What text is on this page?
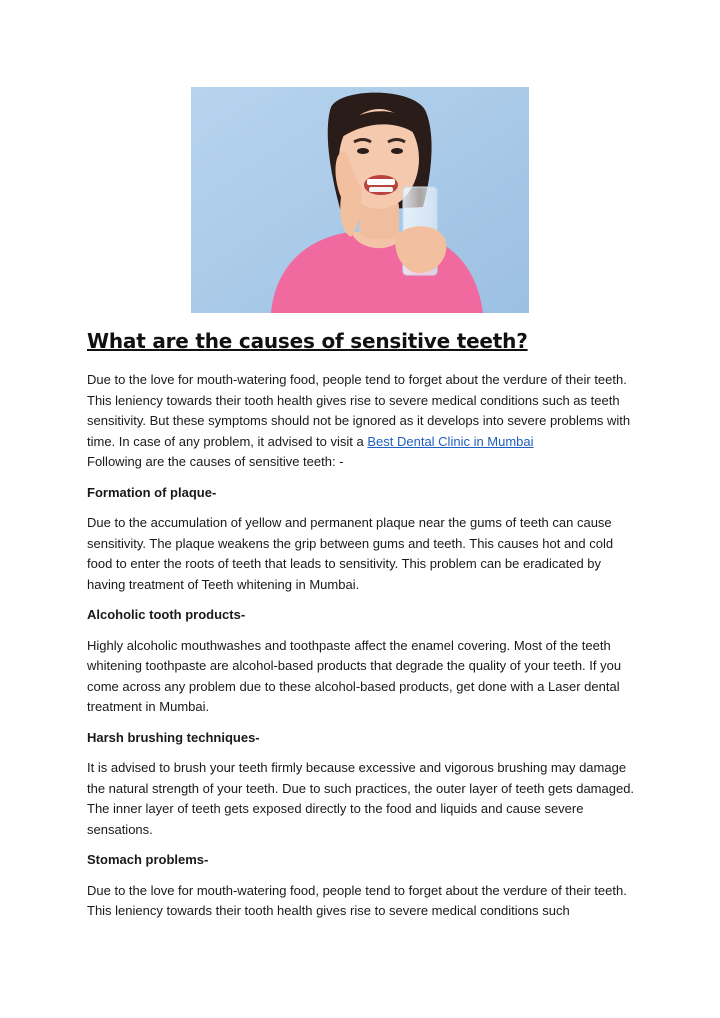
What are the causes of sensitive teeth?

Due to the love for mouth-watering food, people tend to forget about the verdure of their teeth. This leniency towards their tooth health gives rise to severe medical conditions such as teeth sensitivity. But these symptoms should not be ignored as it develops into severe problems with time. In case of any problem, it advised to visit a Best Dental Clinic in Mumbai
Following are the causes of sensitive teeth: -

Formation of plaque-

Due to the accumulation of yellow and permanent plaque near the gums of teeth can cause sensitivity. The plaque weakens the grip between gums and teeth. This causes hot and cold food to enter the roots of teeth that leads to sensitivity. This problem can be eradicated by having treatment of Teeth whitening in Mumbai.

Alcoholic tooth products-

Highly alcoholic mouthwashes and toothpaste affect the enamel covering. Most of the teeth whitening toothpaste are alcohol-based products that degrade the quality of your teeth. If you come across any problem due to these alcohol-based products, get done with a Laser dental treatment in Mumbai.

Harsh brushing techniques-

It is advised to brush your teeth firmly because excessive and vigorous brushing may damage the natural strength of your teeth. Due to such practices, the outer layer of teeth gets damaged. The inner layer of teeth gets exposed directly to the food and liquids and cause severe sensations.

Stomach problems-

Due to the love for mouth-watering food, people tend to forget about the verdure of their teeth. This leniency towards their tooth health gives rise to severe medical conditions such
